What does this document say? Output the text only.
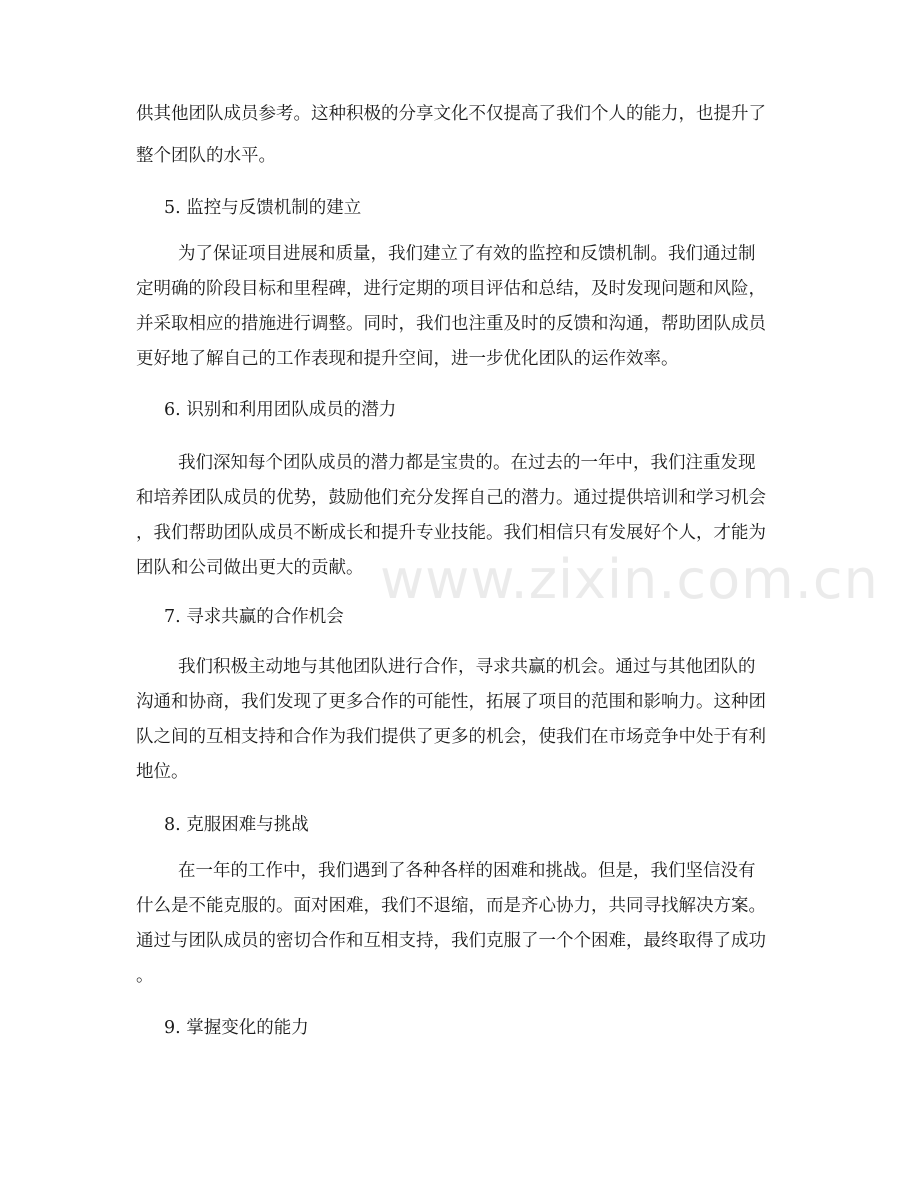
供其他团队成员参考。这种积极的分享文化不仅提高了我们个人的能力，也提升了
整个团队的水平。
5. 监控与反馈机制的建立
为了保证项目进展和质量，我们建立了有效的监控和反馈机制。我们通过制
定明确的阶段目标和里程碑，进行定期的项目评估和总结，及时发现问题和风险，
并采取相应的措施进行调整。同时，我们也注重及时的反馈和沟通，帮助团队成员
更好地了解自己的工作表现和提升空间，进一步优化团队的运作效率。
6. 识别和利用团队成员的潜力
我们深知每个团队成员的潜力都是宝贵的。在过去的一年中，我们注重发现
和培养团队成员的优势，鼓励他们充分发挥自己的潜力。通过提供培训和学习机会
，我们帮助团队成员不断成长和提升专业技能。我们相信只有发展好个人，才能为
团队和公司做出更大的贡献。
7. 寻求共赢的合作机会
我们积极主动地与其他团队进行合作，寻求共赢的机会。通过与其他团队的
沟通和协商，我们发现了更多合作的可能性，拓展了项目的范围和影响力。这种团
队之间的互相支持和合作为我们提供了更多的机会，使我们在市场竞争中处于有利
地位。
8. 克服困难与挑战
在一年的工作中，我们遇到了各种各样的困难和挑战。但是，我们坚信没有
什么是不能克服的。面对困难，我们不退缩，而是齐心协力，共同寻找解决方案。
通过与团队成员的密切合作和互相支持，我们克服了一个个困难，最终取得了成功
。
9. 掌握变化的能力
www.zixin.com.cn
